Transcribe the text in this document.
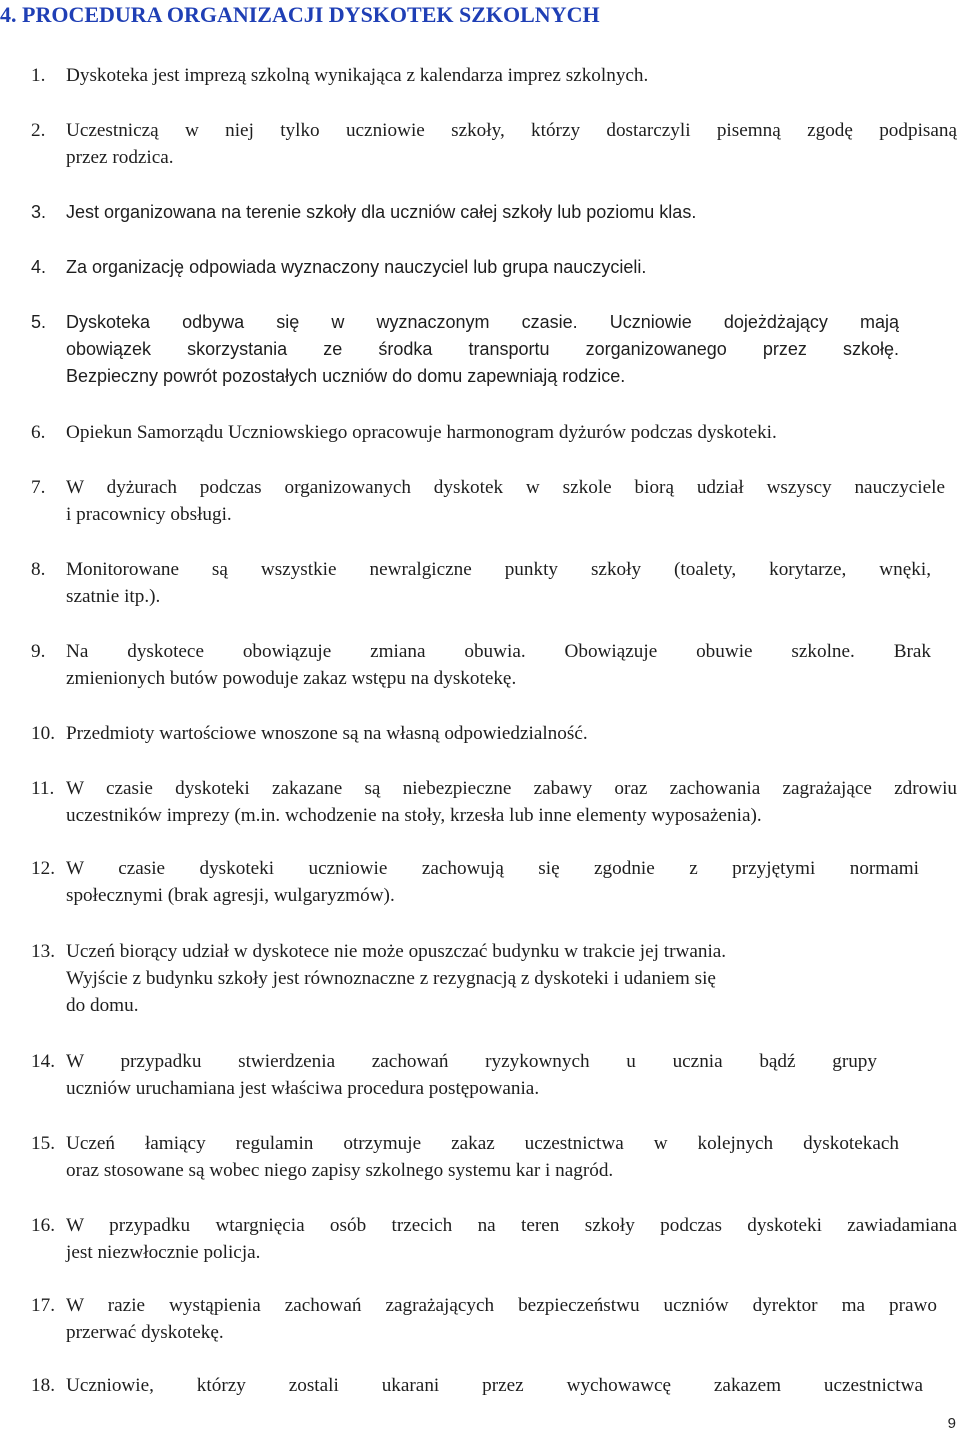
4. PROCEDURA ORGANIZACJI DYSKOTEK SZKOLNYCH
1. Dyskoteka jest imprezą szkolną wynikająca z kalendarza imprez szkolnych.
2. Uczestniczą w niej tylko uczniowie szkoły, którzy dostarczyli pisemną zgodę podpisaną
przez rodzica.
3. Jest organizowana na terenie szkoły dla uczniów całej szkoły lub poziomu klas.
4. Za organizację odpowiada wyznaczony nauczyciel lub grupa nauczycieli.
5. Dyskoteka odbywa się w wyznaczonym czasie. Uczniowie dojeżdżający mają
obowiązek skorzystania ze środka transportu zorganizowanego przez szkołę.
Bezpieczny powrót pozostałych uczniów do domu zapewniają rodzice.
6. Opiekun Samorządu Uczniowskiego opracowuje harmonogram dyżurów podczas dyskoteki.
7. W dyżurach podczas organizowanych dyskotek w szkole biorą udział wszyscy nauczyciele
i pracownicy obsługi.
8. Monitorowane są wszystkie newralgiczne punkty szkoły (toalety, korytarze, wnęki,
szatnie itp.).
9. Na dyskotece obowiązuje zmiana obuwia. Obowiązuje obuwie szkolne. Brak
zmienionych butów powoduje zakaz wstępu na dyskotekę.
10. Przedmioty wartościowe wnoszone są na własną odpowiedzialność.
11. W czasie dyskoteki zakazane są niebezpieczne zabawy oraz zachowania zagrażające zdrowiu
uczestników imprezy (m.in. wchodzenie na stoły, krzesła lub inne elementy wyposażenia).
12. W czasie dyskoteki uczniowie zachowują się zgodnie z przyjętymi normami
społecznymi (brak agresji, wulgaryzmów).
13. Uczeń biorący udział w dyskotece nie może opuszczać budynku w trakcie jej trwania.
Wyjście z budynku szkoły jest równoznaczne z rezygnacją z dyskoteki i udaniem się
do domu.
14. W przypadku stwierdzenia zachowań ryzykownych u ucznia bądź grupy
uczniów uruchamiana jest właściwa procedura postępowania.
15. Uczeń łamiący regulamin otrzymuje zakaz uczestnictwa w kolejnych dyskotekach
oraz stosowane są wobec niego zapisy szkolnego systemu kar i nagród.
16. W przypadku wtargnięcia osób trzecich na teren szkoły podczas dyskoteki zawiadamiana
jest niezwłocznie policja.
17. W razie wystąpienia zachowań zagrażających bezpieczeństwu uczniów dyrektor ma prawo
przerwać dyskotekę.
18. Uczniowie, którzy zostali ukarani przez wychowawcę zakazem uczestnictwa
9
